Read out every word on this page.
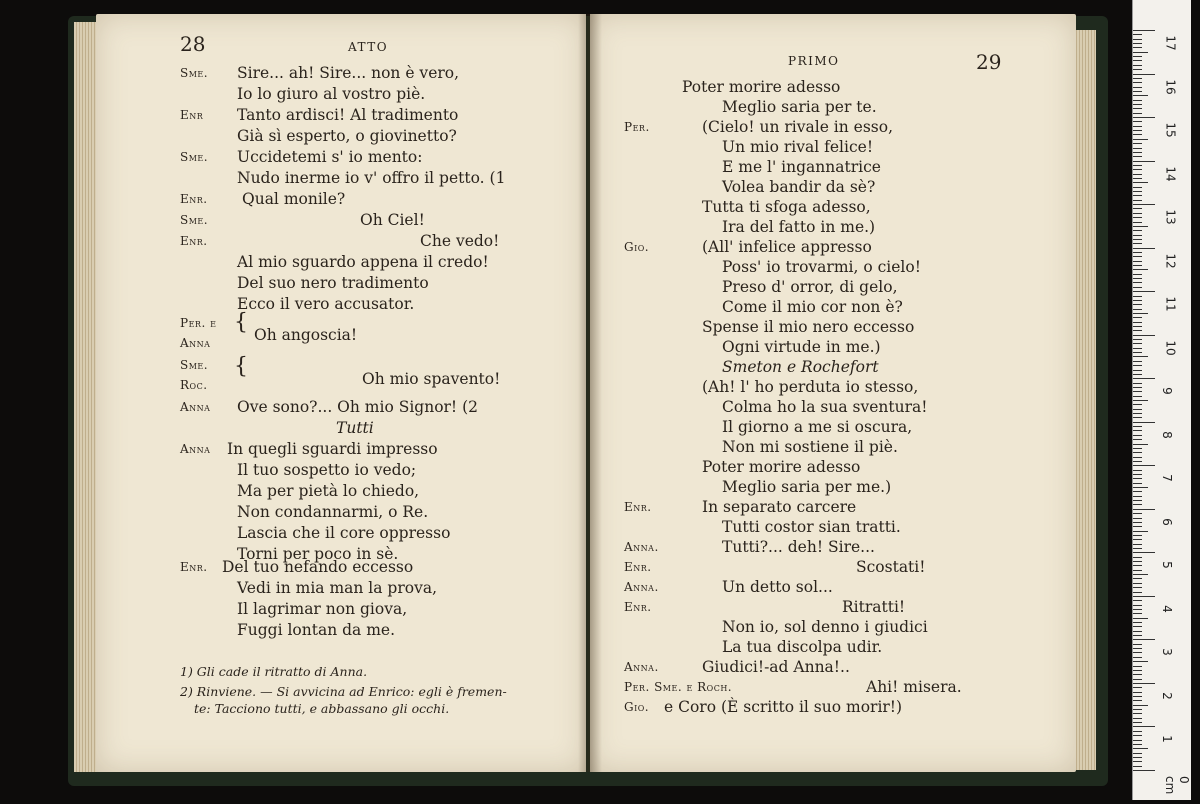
28	ATTO
Sme. Sire... ah! Sire... non è vero,
Io lo giuro al vostro piè.
Enr Tanto ardisci! Al tradimento
Già sì esperto, o giovinetto?
Sme. Uccidetemi s' io mento:
Nudo inerme io v' offro il petto. (1
Enr. Qual monile?
Sme.	Oh Ciel!
Enr.	Che vedo!
Al mio sguardo appena il credo!
Del suo nero tradimento
Ecco il vero accusator.
Per. e {
Anna	Oh angoscia!
Sme. {
Roc.	Oh mio spavento!
Anna Ove sono?... Oh mio Signor! (2
Tutti
Anna In quegli sguardi impresso
Il tuo sospetto io vedo;
Ma per pietà lo chiedo,
Non condannarmi, o Re.
Lascia che il core oppresso
Torni per poco in sè.
Enr. Del tuo nefando eccesso
Vedi in mia man la prova,
Il lagrimar non giova,
Fuggi lontan da me.
1) Gli cade il ritratto di Anna.
2) Rinviene. — Si avvicina ad Enrico: egli è fremen-
te: Tacciono tutti, e abbassano gli occhi.
PRIMO	29
Poter morire adesso
Meglio saria per te.
Per.	(Cielo! un rivale in esso,
Un mio rival felice!
E me l' ingannatrice
Volea bandir da sè?
Tutta ti sfoga adesso,
Ira del fatto in me.)
Gio.	(All' infelice appresso
Poss' io trovarmi, o cielo!
Preso d' orror, di gelo,
Come il mio cor non è?
Spense il mio nero eccesso
Ogni virtude in me.)
Smeton e Rochefort
(Ah! l' ho perduta io stesso,
Colma ho la sua sventura!
Il giorno a me si oscura,
Non mi sostiene il piè.
Poter morire adesso
Meglio saria per me.)
Enr.	In separato carcere
Tutti costor sian tratti.
Anna.	Tutti?... deh! Sire...
Enr.	Scostati!
Anna.	Un detto sol...
Enr.	Ritratti!
Non io, sol denno i giudici
La tua discolpa udir.
Anna.	Giudici!-ad Anna!..
Per. Sme. e Roch.	Ahi! misera.
Gio. e Coro (È scritto il suo morir!)
17
16
15
14
13
12
11
10
9
8
7
6
5
4
3
2
1
0 cm
